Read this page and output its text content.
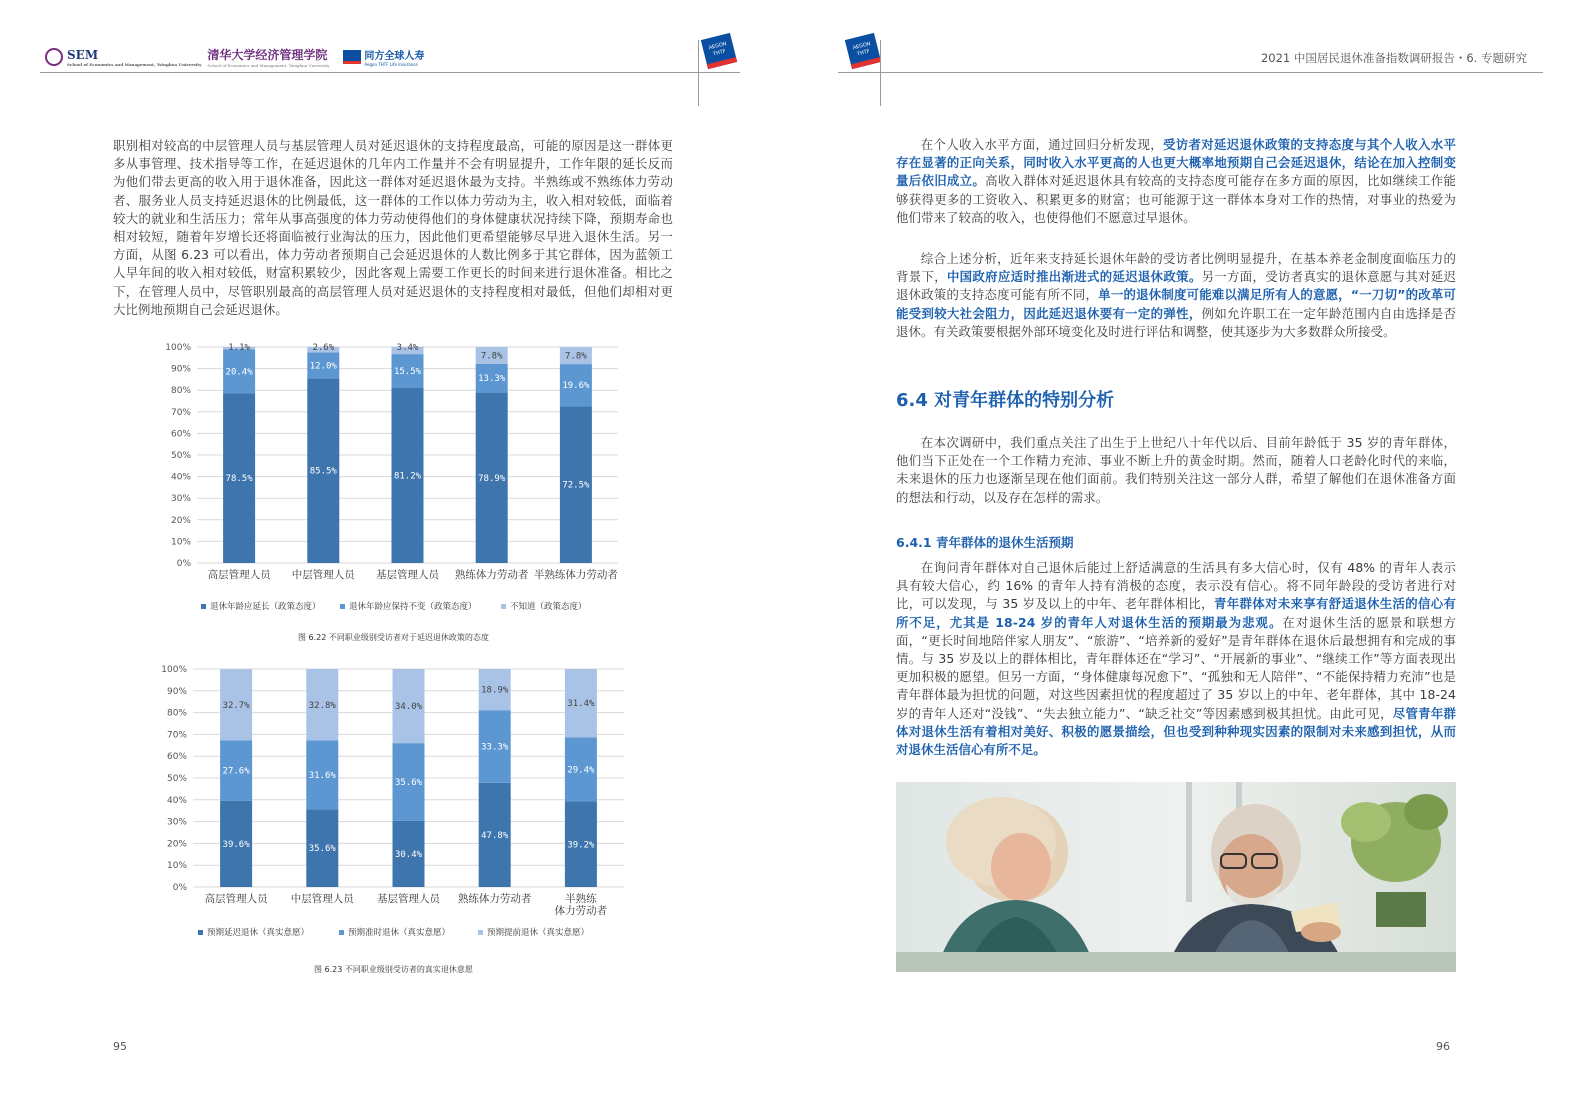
SEM
School of Economics and Management, Tsinghua University
清华大学经济管理学院
School of Economics and Management, Tsinghua University
同方全球人寿
Aegon THTF Life Insurance
AEGON THTF

职别相对较高的中层管理人员与基层管理人员对延迟退休的支持程度最高，可能的原因是这一群体更多从事管理、技术指导等工作，在延迟退休的几年内工作量并不会有明显提升，工作年限的延长反而为他们带去更高的收入用于退休准备，因此这一群体对延迟退休最为支持。半熟练或不熟练体力劳动者、服务业人员支持延迟退休的比例最低，这一群体的工作以体力劳动为主，收入相对较低，面临着较大的就业和生活压力；常年从事高强度的体力劳动使得他们的身体健康状况持续下降，预期寿命也相对较短，随着年岁增长还将面临被行业淘汰的压力，因此他们更希望能够尽早进入退休生活。另一方面，从图 6.23 可以看出，体力劳动者预期自己会延迟退休的人数比例多于其它群体，因为蓝领工人早年间的收入相对较低，财富积累较少，因此客观上需要工作更长的时间来进行退休准备。相比之下，在管理人员中，尽管职别最高的高层管理人员对延迟退休的支持程度相对最低，但他们却相对更大比例地预期自己会延迟退休。

0%
10%
20%
30%
40%
50%
60%
70%
80%
90%
100%
78.5%
20.4%
1.1%
高层管理人员
85.5%
12.0%
2.6%
中层管理人员
81.2%
15.5%
3.4%
基层管理人员
78.9%
13.3%
7.8%
熟练体力劳动者
72.5%
19.6%
7.8%
半熟练体力劳动者
退休年龄应延长（政策态度）	退休年龄应保持不变（政策态度）	不知道（政策态度）
图 6.22 不同职业级别受访者对于延迟退休政策的态度
0%
10%
20%
30%
40%
50%
60%
70%
80%
90%
100%
39.6%
27.6%
32.7%
高层管理人员
35.6%
31.6%
32.8%
中层管理人员
30.4%
35.6%
34.0%
基层管理人员
47.8%
33.3%
18.9%
熟练体力劳动者
39.2%
29.4%
31.4%
半熟练
体力劳动者
预期延迟退休（真实意愿）	预期准时退休（真实意愿）	预期提前退休（真实意愿）
图 6.23 不同职业级别受访者的真实退休意愿
95
AEGON THTF	2021 中国居民退休准备指数调研报告・6. 专题研究

在个人收入水平方面，通过回归分析发现，受访者对延迟退休政策的支持态度与其个人收入水平存在显著的正向关系，同时收入水平更高的人也更大概率地预期自己会延迟退休，结论在加入控制变量后依旧成立。高收入群体对延迟退休具有较高的支持态度可能存在多方面的原因，比如继续工作能够获得更多的工资收入、积累更多的财富；也可能源于这一群体本身对工作的热情，对事业的热爱为他们带来了较高的收入，也使得他们不愿意过早退休。

综合上述分析，近年来支持延长退休年龄的受访者比例明显提升，在基本养老金制度面临压力的背景下，中国政府应适时推出渐进式的延迟退休政策。另一方面，受访者真实的退休意愿与其对延迟退休政策的支持态度可能有所不同，单一的退休制度可能难以满足所有人的意愿，“一刀切”的改革可能受到较大社会阻力，因此延迟退休要有一定的弹性，例如允许职工在一定年龄范围内自由选择是否退休。有关政策要根据外部环境变化及时进行评估和调整，使其逐步为大多数群众所接受。

6.4 对青年群体的特别分析

在本次调研中，我们重点关注了出生于上世纪八十年代以后、目前年龄低于 35 岁的青年群体，他们当下正处在一个工作精力充沛、事业不断上升的黄金时期。然而，随着人口老龄化时代的来临，未来退休的压力也逐渐呈现在他们面前。我们特别关注这一部分人群，希望了解他们在退休准备方面的想法和行动，以及存在怎样的需求。

6.4.1 青年群体的退休生活预期

在询问青年群体对自己退休后能过上舒适满意的生活具有多大信心时，仅有 48% 的青年人表示具有较大信心，约 16% 的青年人持有消极的态度，表示没有信心。将不同年龄段的受访者进行对比，可以发现，与 35 岁及以上的中年、老年群体相比，青年群体对未来享有舒适退休生活的信心有所不足，尤其是 18-24 岁的青年人对退休生活的预期最为悲观。在对退休生活的愿景和联想方面，“更长时间地陪伴家人朋友”、“旅游”、“培养新的爱好”是青年群体在退休后最想拥有和完成的事情。与 35 岁及以上的群体相比，青年群体还在“学习”、“开展新的事业”、“继续工作”等方面表现出更加积极的愿望。但另一方面，“身体健康每况愈下”、“孤独和无人陪伴”、“不能保持精力充沛”也是青年群体最为担忧的问题，对这些因素担忧的程度超过了 35 岁以上的中年、老年群体，其中 18-24 岁的青年人还对“没钱”、“失去独立能力”、“缺乏社交”等因素感到极其担忧。由此可见，尽管青年群体对退休生活有着相对美好、积极的愿景描绘，但也受到种种现实因素的限制对未来感到担忧，从而对退休生活信心有所不足。

96
